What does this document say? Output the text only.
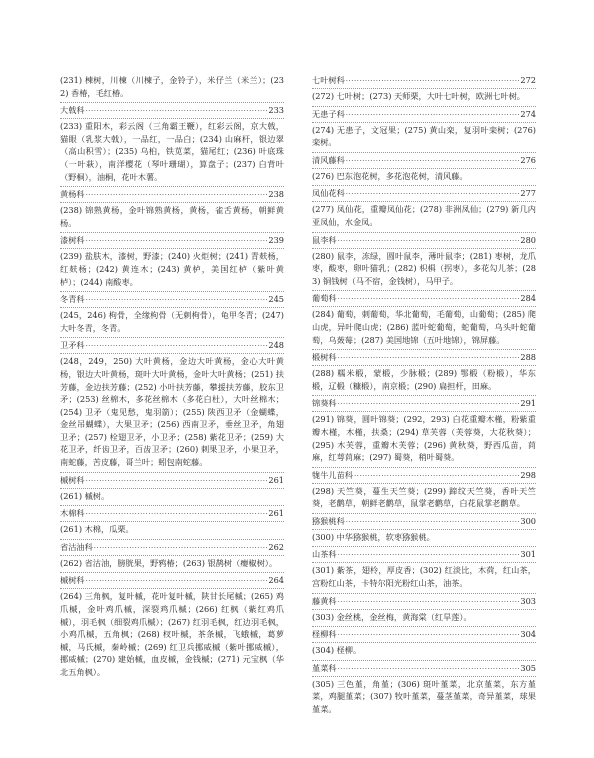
(231) 棟树，川楝（川楝子，金铃子），米仔兰（米兰）；(232) 香椿，毛红椿。
大戟科 ·····	233
(233) 重阳木，彩云阁（三角霸王鞭），红彩云阁，京大戟，猫眼（乳浆大戟），一品红，一品白；(234) 山麻杆，银边翠（高山积雪）；(235) 乌桕，铁苋菜，猫尾红；(236) 叶底珠（一叶萩），南洋樱花（琴叶珊瑚），算盘子；(237) 白背叶（野桐），油桐，花叶木薯。
黄杨科 ·····	238
(238) 锦熟黄杨，金叶锦熟黄杨，黄杨，雀舌黄杨，朝鲜黄杨。
漆树科 ·····	239
(239) 盐肤木，漆树，野漆；(240) 火炬树；(241) 青麸杨，红麸杨；(242) 黄连木；(243) 黄栌，美国红栌（紫叶黄栌）；(244) 南酸枣。
冬青科 ·····	245
(245，246) 枸骨，全缘枸骨（无刺枸骨），龟甲冬青；(247) 大叶冬青，冬青。
卫矛科 ·····	248
(248，249，250) 大叶黄杨，金边大叶黄杨，金心大叶黄杨，银边大叶黄杨，斑叶大叶黄杨，金叶大叶黄杨；(251) 扶芳藤，金边扶芳藤；(252) 小叶扶芳藤，攀援扶芳藤，胶东卫矛；(253) 丝棉木，多花丝棉木（多花白杜），大叶丝棉木；(254) 卫矛（鬼见愁，鬼羽箭）；(255) 陕西卫矛（金蝴蝶，金丝吊蝴蝶），大果卫矛；(256) 西南卫矛，垂丝卫矛，角翅卫矛；(257) 栓翅卫矛，小卫矛；(258) 紫花卫矛；(259) 大花卫矛，纤齿卫矛，百齿卫矛；(260) 刺果卫矛，小果卫矛，南蛇藤，苦皮藤，哥兰叶；蚓包南蛇藤。
槭树科 ·····	261
(261) 槭树。
木棉科 ·····	261
(261) 木棉，瓜栗。
省沽油科 ·····	262
(262) 省沽油，膀胱果，野鸦椿；(263) 银鹊树（瘿椒树）。
槭树科 ·····	264
(264) 三角枫，复叶槭，花叶复叶槭，陕甘长尾槭；(265) 鸡爪槭，金叶鸡爪槭，深裂鸡爪槭；(266) 红枫（紫红鸡爪槭），羽毛枫（细裂鸡爪槭）；(267) 红羽毛枫，红边羽毛枫，小鸡爪槭，五角枫；(268) 杈叶槭，茶条槭，飞蛾槭，葛萝槭，马氏槭，秦岭槭；(269) 红卫兵挪威槭（紫叶挪威槭），挪威槭；(270) 建始槭，血皮槭，金钱槭；(271) 元宝枫（华北五角枫）。
七叶树科 ·····	272
(272) 七叶树；(273) 天师栗，大叶七叶树，欧洲七叶树。
无患子科 ·····	274
(274) 无患子，文冠果；(275) 黄山栾，复羽叶栾树；(276) 栾树。
清风藤科 ·····	276
(276) 巴东泡花树，多花泡花树，清风藤。
凤仙花科 ·····	277
(277) 凤仙花，重瓣凤仙花；(278) 非洲凤仙；(279) 新几内亚凤仙，水金凤。
鼠李科 ·····	280
(280) 鼠李，冻绿，圆叶鼠李，薄叶鼠李；(281) 枣树，龙爪枣，酸枣，卵叶猫乳；(282) 枳椇（拐枣），多花勾儿茶；(283) 铜钱树（马不宿，金钱树），马甲子。
葡萄科 ·····	284
(284) 葡萄，刺葡萄，华北葡萄，毛葡萄，山葡萄；(285) 爬山虎，异叶爬山虎；(286) 蓝叶蛇葡萄，蛇葡萄，乌头叶蛇葡萄，乌蔹莓；(287) 美国地锦（五叶地锦），锦屏藤。
椴树科 ·····	288
(288) 糯米椴，蒙椴，少脉椴；(289) 鄂椴（粉椴），华东椴，辽椴（糠椴），南京椴；(290) 扁担杆，田麻。
锦葵科 ·····	291
(291) 锦葵，圆叶锦葵；(292，293) 白花重瓣木槿，粉紫重瓣木槿，木槿，扶桑；(294) 草芙蓉（芙蓉葵，大花秋葵）；(295) 木芙蓉，重瓣木芙蓉；(296) 黄秋葵，野西瓜苗，苘麻，红萼苘麻；(297) 蜀葵，稍叶蜀葵。
牻牛儿苗科 ·····	298
(298) 天竺葵，蔓生天竺葵；(299) 蹄纹天竺葵，香叶天竺葵，老鹳草，朝鲜老鹳草，鼠掌老鹳草，白花鼠掌老鹳草。
猕猴桃科 ·····	300
(300) 中华猕猴桃，软枣猕猴桃。
山茶科 ·····	301
(301) 紫茶，翅柃，厚皮香；(302) 红淡比，木荷，红山茶，宫粉红山茶，卡特尔阳光粉红山茶，油茶。
藤黄科 ·····	303
(303) 金丝桃，金丝梅，黄海棠（红旱莲）。
柽柳科 ·····	304
(304) 柽柳。
堇菜科 ·····	305
(305) 三色堇，角堇；(306) 斑叶堇菜，北京堇菜，东方堇菜，鸡腿堇菜；(307) 牧叶堇菜，蔓茎堇菜，奇异堇菜，球果堇菜。
